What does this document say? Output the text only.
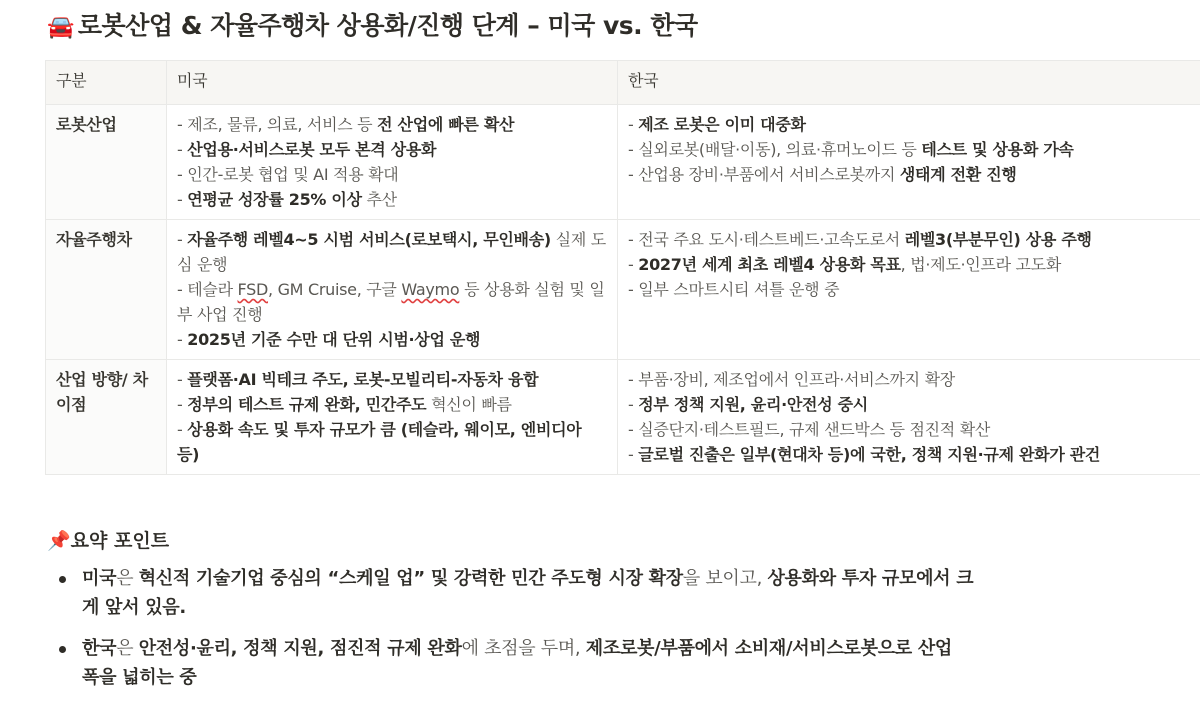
🚘 로봇산업 & 자율주행차 상용화/진행 단계 – 미국 vs. 한국
구분	미국	한국
로봇산업	- 제조, 물류, 의료, 서비스 등 전 산업에 빠른 확산
- 산업용·서비스로봇 모두 본격 상용화
- 인간-로봇 협업 및 AI 적용 확대
- 연평균 성장률 25% 이상 추산	- 제조 로봇은 이미 대중화
- 실외로봇(배달·이동), 의료·휴머노이드 등 테스트 및 상용화 가속
- 산업용 장비·부품에서 서비스로봇까지 생태계 전환 진행

자율주행차	- 자율주행 레벨4~5 시범 서비스(로보택시, 무인배송) 실제 도심 운행
- 테슬라 FSD, GM Cruise, 구글 Waymo 등 상용화 실험 및 일부 사업 진행
- 2025년 기준 수만 대 단위 시범·상업 운행	- 전국 주요 도시·테스트베드·고속도로서 레벨3(부분무인) 상용 주행
- 2027년 세계 최초 레벨4 상용화 목표, 법·제도·인프라 고도화
- 일부 스마트시티 셔틀 운행 중

산업 방향/ 차이점	- 플랫폼·AI 빅테크 주도, 로봇-모빌리티-자동차 융합
- 정부의 테스트 규제 완화, 민간주도 혁신이 빠름
- 상용화 속도 및 투자 규모가 큼 (테슬라, 웨이모, 엔비디아 등)	- 부품·장비, 제조업에서 인프라·서비스까지 확장
- 정부 정책 지원, 윤리·안전성 중시
- 실증단지·테스트필드, 규제 샌드박스 등 점진적 확산
- 글로벌 진출은 일부(현대차 등)에 국한, 정책 지원·규제 완화가 관건
📌요약 포인트
미국은 혁신적 기술기업 중심의 “스케일 업” 및 강력한 민간 주도형 시장 확장을 보이고, 상용화와 투자 규모에서 크게 앞서 있음.
한국은 안전성·윤리, 정책 지원, 점진적 규제 완화에 초점을 두며, 제조로봇/부품에서 소비재/서비스로봇으로 산업 폭을 넓히는 중
